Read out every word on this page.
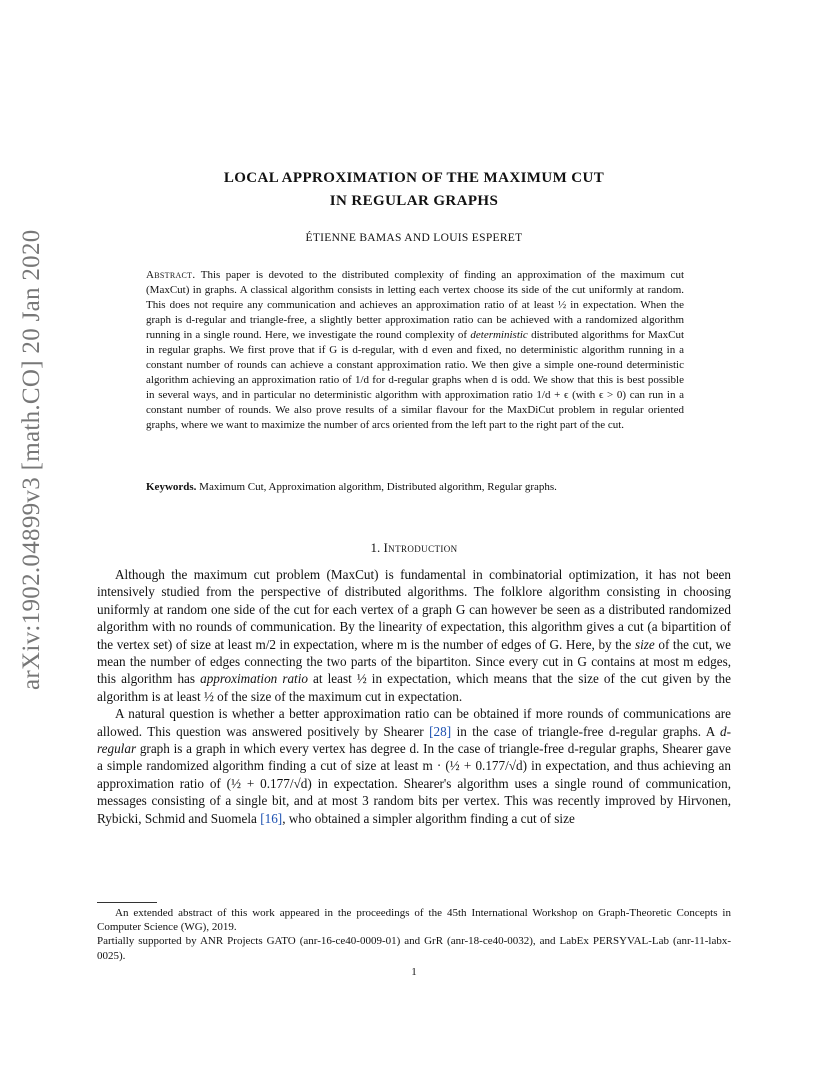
arXiv:1902.04899v3 [math.CO] 20 Jan 2020
LOCAL APPROXIMATION OF THE MAXIMUM CUT
IN REGULAR GRAPHS
ÉTIENNE BAMAS AND LOUIS ESPERET
Abstract. This paper is devoted to the distributed complexity of finding an approximation of the maximum cut (MaxCut) in graphs. A classical algorithm consists in letting each vertex choose its side of the cut uniformly at random. This does not require any communication and achieves an approximation ratio of at least ½ in expectation. When the graph is d-regular and triangle-free, a slightly better approximation ratio can be achieved with a randomized algorithm running in a single round. Here, we investigate the round complexity of deterministic distributed algorithms for MaxCut in regular graphs. We first prove that if G is d-regular, with d even and fixed, no deterministic algorithm running in a constant number of rounds can achieve a constant approximation ratio. We then give a simple one-round deterministic algorithm achieving an approximation ratio of 1/d for d-regular graphs when d is odd. We show that this is best possible in several ways, and in particular no deterministic algorithm with approximation ratio 1/d + ϵ (with ϵ > 0) can run in a constant number of rounds. We also prove results of a similar flavour for the MaxDiCut problem in regular oriented graphs, where we want to maximize the number of arcs oriented from the left part to the right part of the cut.
Keywords. Maximum Cut, Approximation algorithm, Distributed algorithm, Regular graphs.
1. Introduction

Although the maximum cut problem (MaxCut) is fundamental in combinatorial optimization, it has not been intensively studied from the perspective of distributed algorithms. The folklore algorithm consisting in choosing uniformly at random one side of the cut for each vertex of a graph G can however be seen as a distributed randomized algorithm with no rounds of communication. By the linearity of expectation, this algorithm gives a cut (a bipartition of the vertex set) of size at least m/2 in expectation, where m is the number of edges of G. Here, by the size of the cut, we mean the number of edges connecting the two parts of the bipartiton. Since every cut in G contains at most m edges, this algorithm has approximation ratio at least ½ in expectation, which means that the size of the cut given by the algorithm is at least ½ of the size of the maximum cut in expectation.

A natural question is whether a better approximation ratio can be obtained if more rounds of communications are allowed. This question was answered positively by Shearer [28] in the case of triangle-free d-regular graphs. A d-regular graph is a graph in which every vertex has degree d. In the case of triangle-free d-regular graphs, Shearer gave a simple randomized algorithm finding a cut of size at least m · (½ + 0.177/√d) in expectation, and thus achieving an approximation ratio of (½ + 0.177/√d) in expectation. Shearer's algorithm uses a single round of communication, messages consisting of a single bit, and at most 3 random bits per vertex. This was recently improved by Hirvonen, Rybicki, Schmid and Suomela [16], who obtained a simpler algorithm finding a cut of size

An extended abstract of this work appeared in the proceedings of the 45th International Workshop on Graph-Theoretic Concepts in Computer Science (WG), 2019.

Partially supported by ANR Projects GATO (anr-16-ce40-0009-01) and GrR (anr-18-ce40-0032), and LabEx PERSYVAL-Lab (anr-11-labx-0025).

1
